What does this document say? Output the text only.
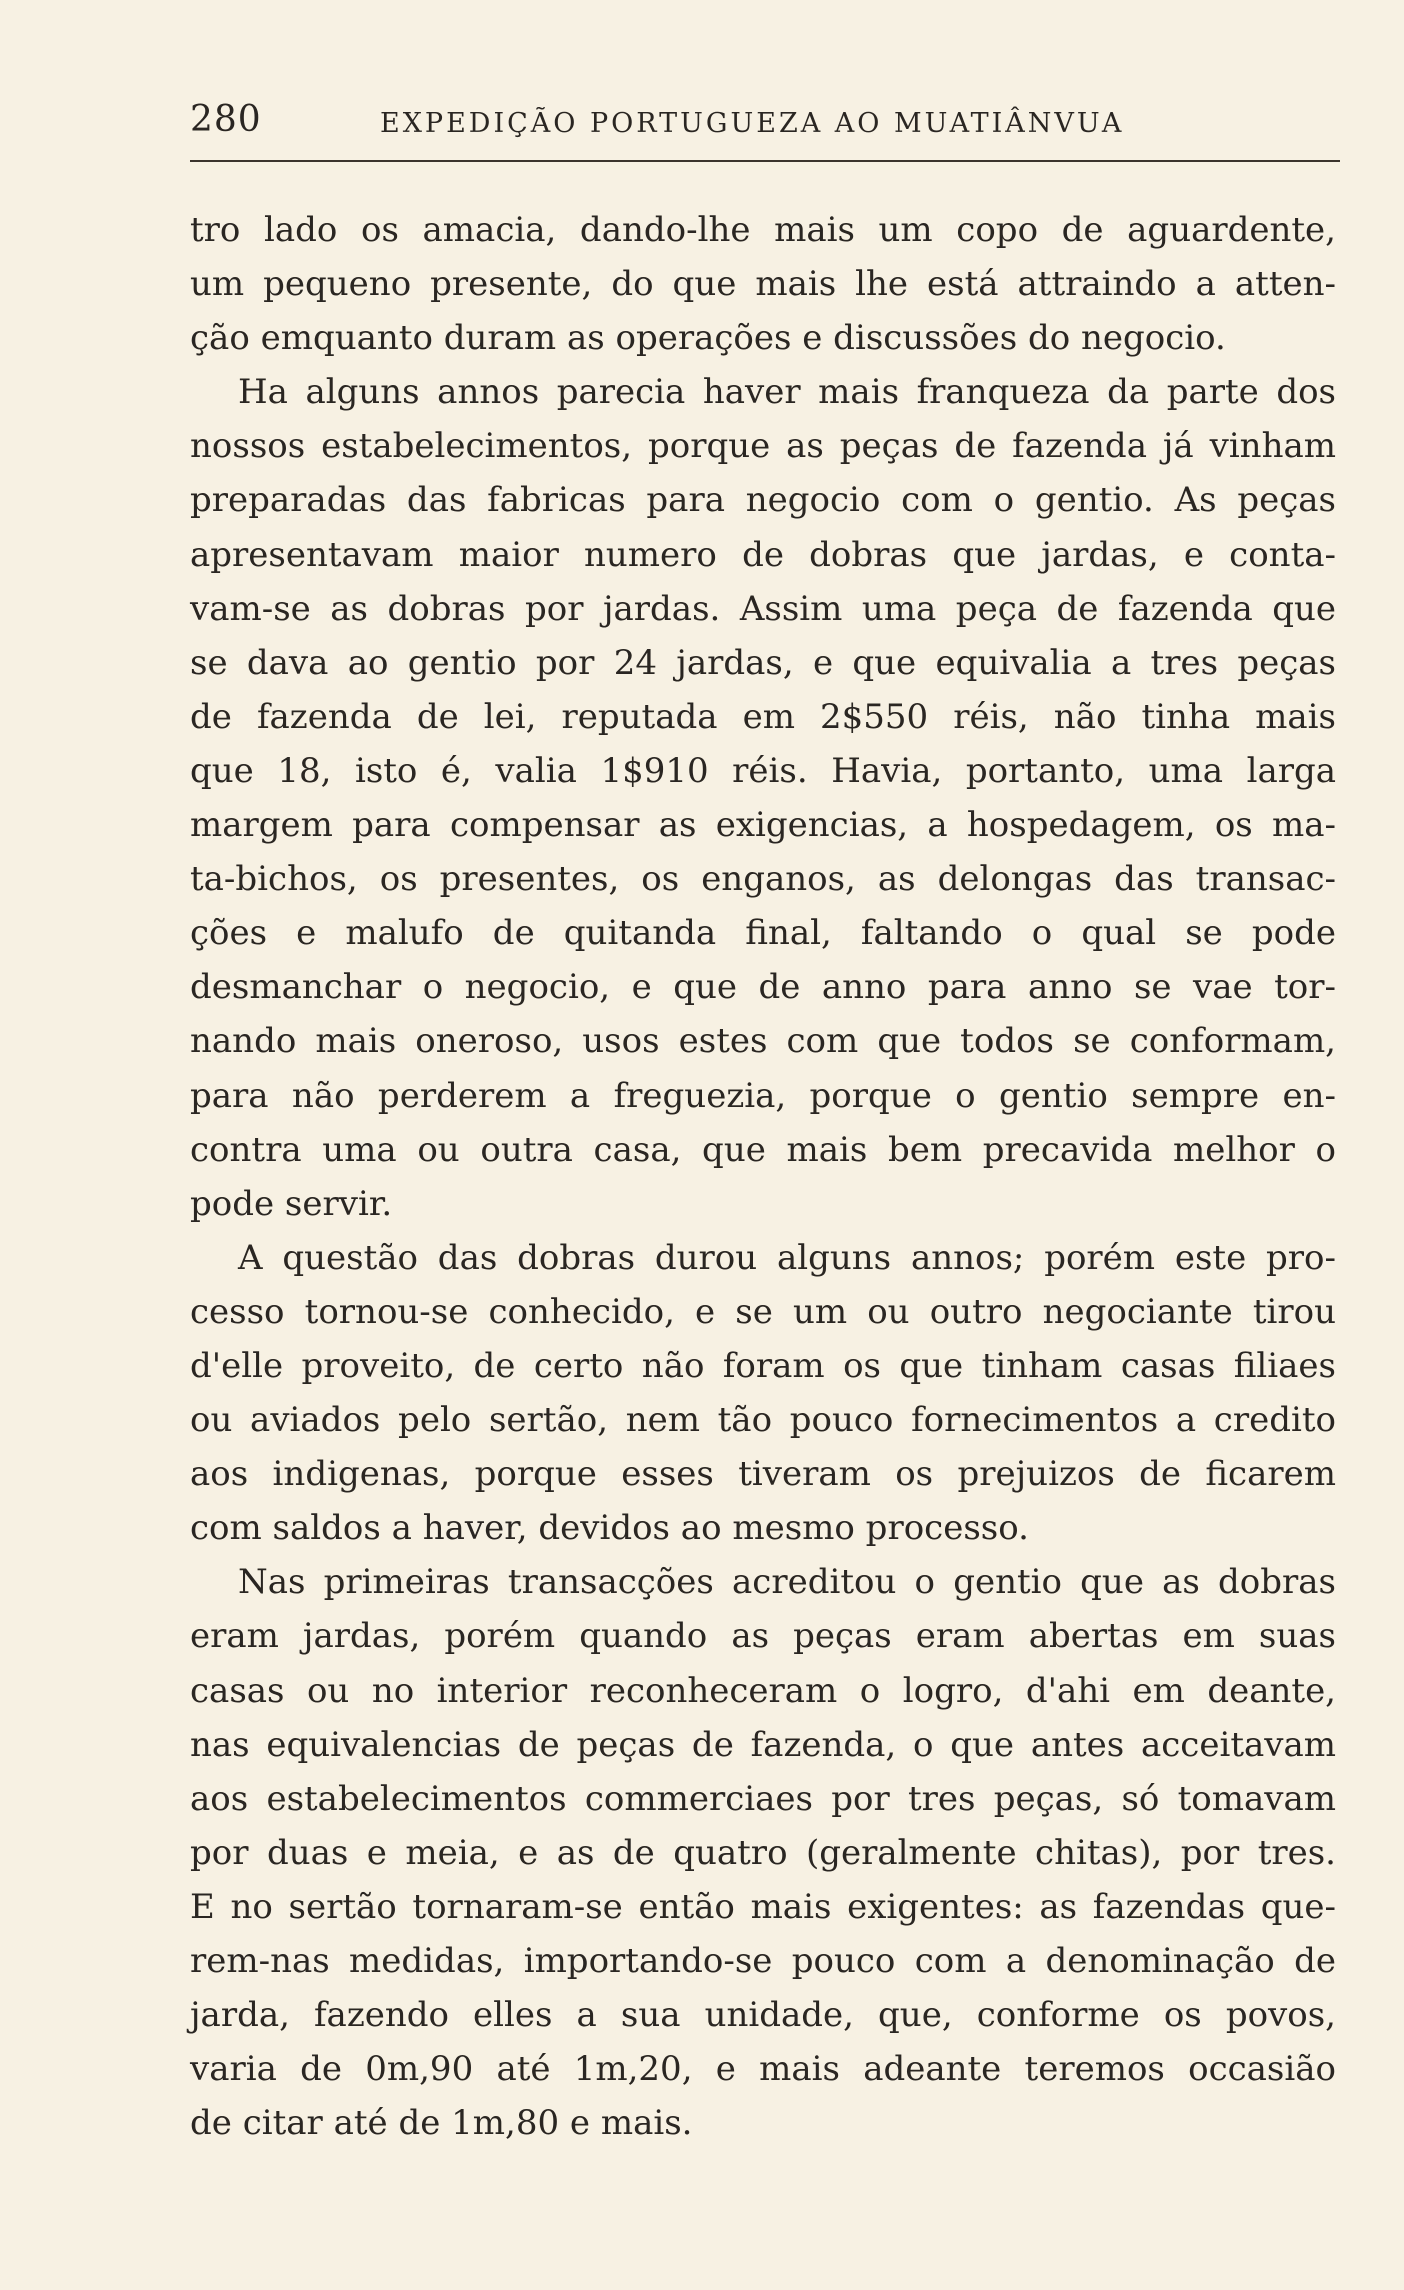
280	EXPEDIÇÃO PORTUGUEZA AO MUATIÂNVUA
tro lado os amacia, dando-lhe mais um copo de aguardente,
um pequeno presente, do que mais lhe está attraindo a atten-
ção emquanto duram as operações e discussões do negocio.
Ha alguns annos parecia haver mais franqueza da parte dos
nossos estabelecimentos, porque as peças de fazenda já vinham
preparadas das fabricas para negocio com o gentio. As peças
apresentavam maior numero de dobras que jardas, e conta-
vam-se as dobras por jardas. Assim uma peça de fazenda que
se dava ao gentio por 24 jardas, e que equivalia a tres peças
de fazenda de lei, reputada em 2$550 réis, não tinha mais
que 18, isto é, valia 1$910 réis. Havia, portanto, uma larga
margem para compensar as exigencias, a hospedagem, os ma-
ta-bichos, os presentes, os enganos, as delongas das transac-
ções e malufo de quitanda final, faltando o qual se pode
desmanchar o negocio, e que de anno para anno se vae tor-
nando mais oneroso, usos estes com que todos se conformam,
para não perderem a freguezia, porque o gentio sempre en-
contra uma ou outra casa, que mais bem precavida melhor o
pode servir.
A questão das dobras durou alguns annos; porém este pro-
cesso tornou-se conhecido, e se um ou outro negociante tirou
d'elle proveito, de certo não foram os que tinham casas filiaes
ou aviados pelo sertão, nem tão pouco fornecimentos a credito
aos indigenas, porque esses tiveram os prejuizos de ficarem
com saldos a haver, devidos ao mesmo processo.
Nas primeiras transacções acreditou o gentio que as dobras
eram jardas, porém quando as peças eram abertas em suas
casas ou no interior reconheceram o logro, d'ahi em deante,
nas equivalencias de peças de fazenda, o que antes acceitavam
aos estabelecimentos commerciaes por tres peças, só tomavam
por duas e meia, e as de quatro (geralmente chitas), por tres.
E no sertão tornaram-se então mais exigentes: as fazendas que-
rem-nas medidas, importando-se pouco com a denominação de
jarda, fazendo elles a sua unidade, que, conforme os povos,
varia de 0m,90 até 1m,20, e mais adeante teremos occasião
de citar até de 1m,80 e mais.
